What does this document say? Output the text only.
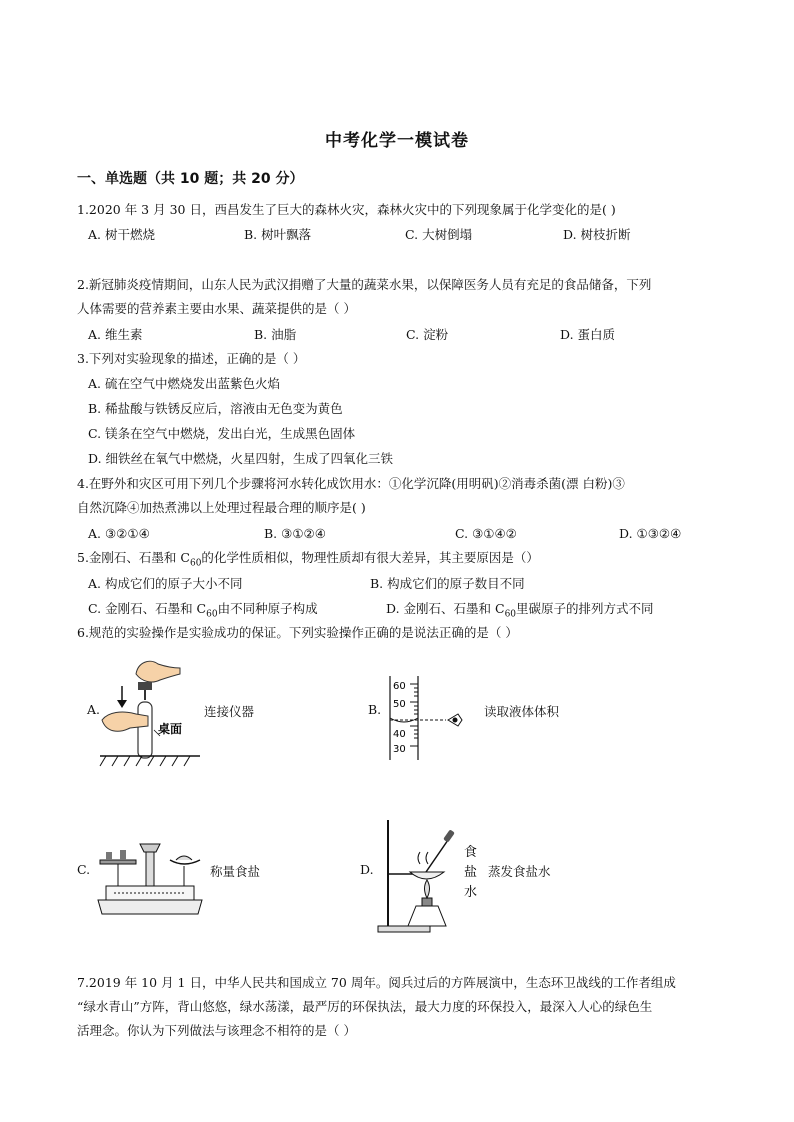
中考化学一模试卷
一、单选题（共 10 题；共 20 分）
1.2020 年 3 月 30 日，西昌发生了巨大的森林火灾，森林火灾中的下列现象属于化学变化的是( )
A. 树干燃烧	B. 树叶飘落	C. 大树倒塌	D. 树枝折断
2.新冠肺炎疫情期间，山东人民为武汉捐赠了大量的蔬菜水果，以保障医务人员有充足的食品储备，下列
人体需要的营养素主要由水果、蔬菜提供的是（ ）
A. 维生素	B. 油脂	C. 淀粉	D. 蛋白质
3.下列对实验现象的描述，正确的是（ ）
A. 硫在空气中燃烧发出蓝紫色火焰
B. 稀盐酸与铁锈反应后，溶液由无色变为黄色
C. 镁条在空气中燃烧，发出白光，生成黑色固体
D. 细铁丝在氧气中燃烧，火星四射，生成了四氧化三铁
4.在野外和灾区可用下列几个步骤将河水转化成饮用水：①化学沉降(用明矾)②消毒杀菌(漂 白粉)③
自然沉降④加热煮沸以上处理过程最合理的顺序是( )
A. ③②①④	B. ③①②④	C. ③①④②	D. ①③②④
5.金刚石、石墨和 $C_{60}$的化学性质相似，物理性质却有很大差异，其主要原因是（）
A. 构成它们的原子大小不同	B. 构成它们的原子数目不同
C. 金刚石、石墨和 $C_{60}$由不同种原子构成	D. 金刚石、石墨和 $C_{60}$里碳原子的排列方式不同
6.规范的实验操作是实验成功的保证。下列实验操作正确的是说法正确的是（ ）
A.
桌面
连接仪器	B.
60
50
40
30
读取液体体积
C.	称量食盐	D.
食
盐
水
蒸发食盐水
7.2019 年 10 月 1 日，中华人民共和国成立 70 周年。阅兵过后的方阵展演中，生态环卫战线的工作者组成
“绿水青山”方阵，背山悠悠，绿水荡漾，最严厉的环保执法，最大力度的环保投入，最深入人心的绿色生
活理念。你认为下列做法与该理念不相符的是（ ）
